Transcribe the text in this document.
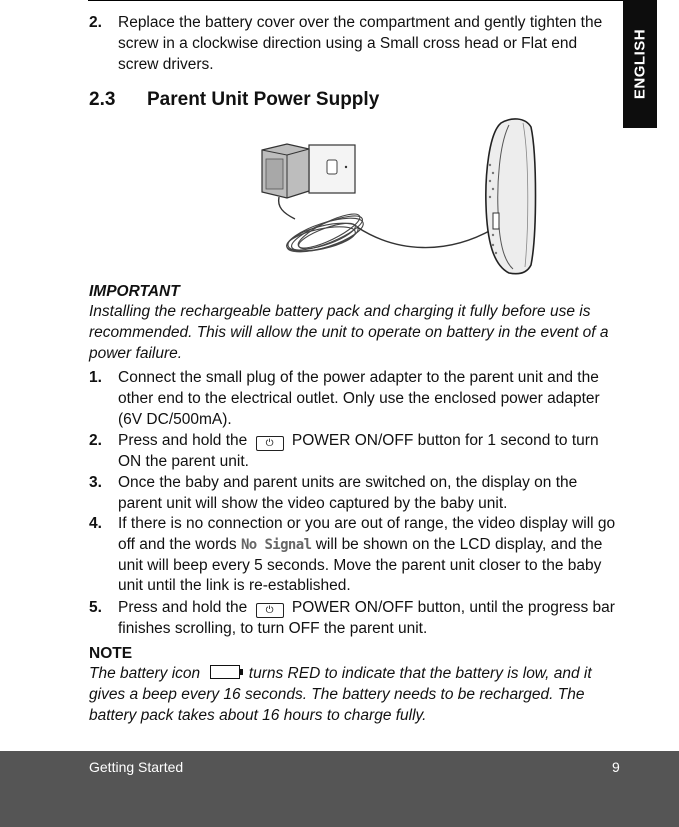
ENGLISH
2. Replace the battery cover over the compartment and gently tighten the screw in a clockwise direction using a Small cross head or Flat end screw drivers.
2.3 Parent Unit Power Supply
IMPORTANT
Installing the rechargeable battery pack and charging it fully before use is recommended. This will allow the unit to operate on battery in the event of a power failure.
1. Connect the small plug of the power adapter to the parent unit and the other end to the electrical outlet. Only use the enclosed power adapter (6V DC/500mA).
2. Press and hold the ⏻ POWER ON/OFF button for 1 second to turn ON the parent unit.
3. Once the baby and parent units are switched on, the display on the parent unit will show the video captured by the baby unit.
4. If there is no connection or you are out of range, the video display will go off and the words No Signal will be shown on the LCD display, and the unit will beep every 5 seconds. Move the parent unit closer to the baby unit until the link is re-established.
5. Press and hold the ⏻ POWER ON/OFF button, until the progress bar finishes scrolling, to turn OFF the parent unit.
NOTE
The battery icon	turns RED to indicate that the battery is low, and it gives a beep every 16 seconds. The battery needs to be recharged. The battery pack takes about 16 hours to charge fully.
Getting Started	9
